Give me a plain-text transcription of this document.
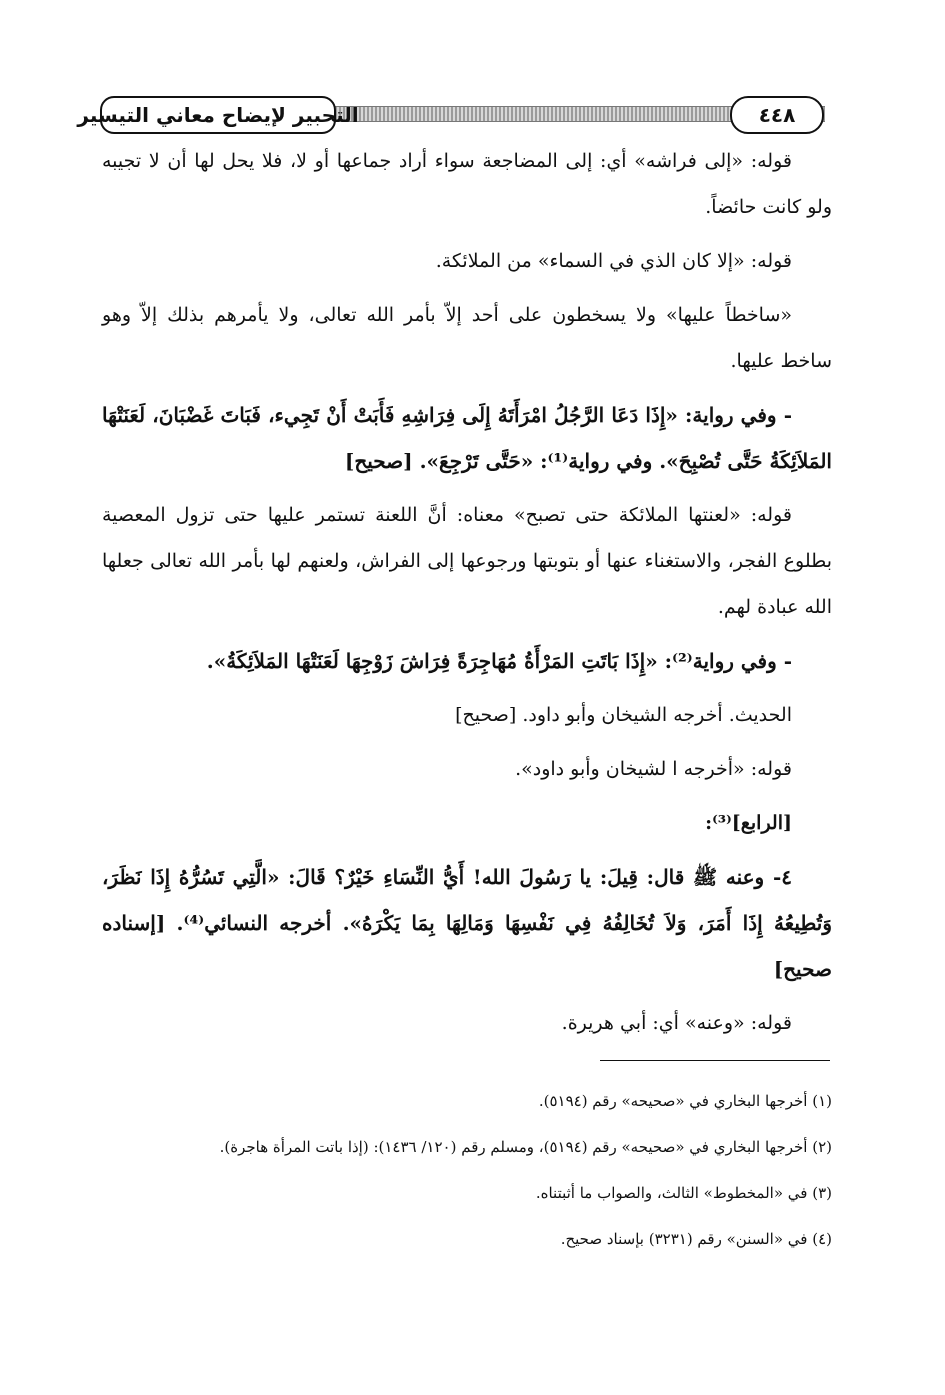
التحبير لإيضاح معاني التيسير	٤٤٨

قوله: «إلى فراشه» أي: إلى المضاجعة سواء أراد جماعها أو لا، فلا يحل لها أن لا تجيبه ولو كانت حائضاً.

قوله: «إلا كان الذي في السماء» من الملائكة.

«ساخطاً عليها» ولا يسخطون على أحد إلاّ بأمر الله تعالى، ولا يأمرهم بذلك إلاّ وهو ساخط عليها.

- وفي رواية: «إِذَا دَعَا الرَّجُلُ امْرَأَتَهُ إِلَى فِرَاشِهِ فَأَبَتْ أَنْ تَجِيء، فَبَاتَ غَضْبَانَ، لَعَنَتْهَا المَلاَئِكَةُ حَتَّى تُصْبِحَ». وفي رواية⁽¹⁾: «حَتَّى تَرْجِعَ». [صحيح]

قوله: «لعنتها الملائكة حتى تصبح» معناه: أنَّ اللعنة تستمر عليها حتى تزول المعصية بطلوع الفجر، والاستغناء عنها أو بتوبتها ورجوعها إلى الفراش، ولعنهم لها بأمر الله تعالى جعلها الله عبادة لهم.

- وفي رواية⁽²⁾: «إِذَا بَاتَتِ المَرْأَةُ مُهَاجِرَةً فِرَاشَ زَوْجِهَا لَعَنَتْهَا المَلاَئِكَةُ».

الحديث. أخرجه الشيخان وأبو داود. [صحيح]

قوله: «أخرجه ا لشيخان وأبو داود».

[الرابع]⁽³⁾:

٤- وعنه ﷺ قال: قِيلَ: يا رَسُولَ الله! أَيُّ النِّسَاءِ خَيْرٌ؟ قَالَ: «الَّتِي تَسُرُّهُ إِذَا نَظَرَ، وَتُطِيعُهُ إِذَا أَمَرَ، وَلاَ تُخَالِفُهُ فِي نَفْسِهَا وَمَالِهَا بِمَا يَكْرَهُ». أخرجه النسائي⁽⁴⁾. [إسناده صحيح]

قوله: «وعنه» أي: أبي هريرة.

(١) أخرجها البخاري في «صحيحه» رقم (٥١٩٤).

(٢) أخرجها البخاري في «صحيحه» رقم (٥١٩٤)، ومسلم رقم (١٢٠/ ١٤٣٦): (إذا باتت المرأة هاجرة).

(٣) في «المخطوط» الثالث، والصواب ما أثبتناه.

(٤) في «السنن» رقم (٣٢٣١) بإسناد صحيح.
